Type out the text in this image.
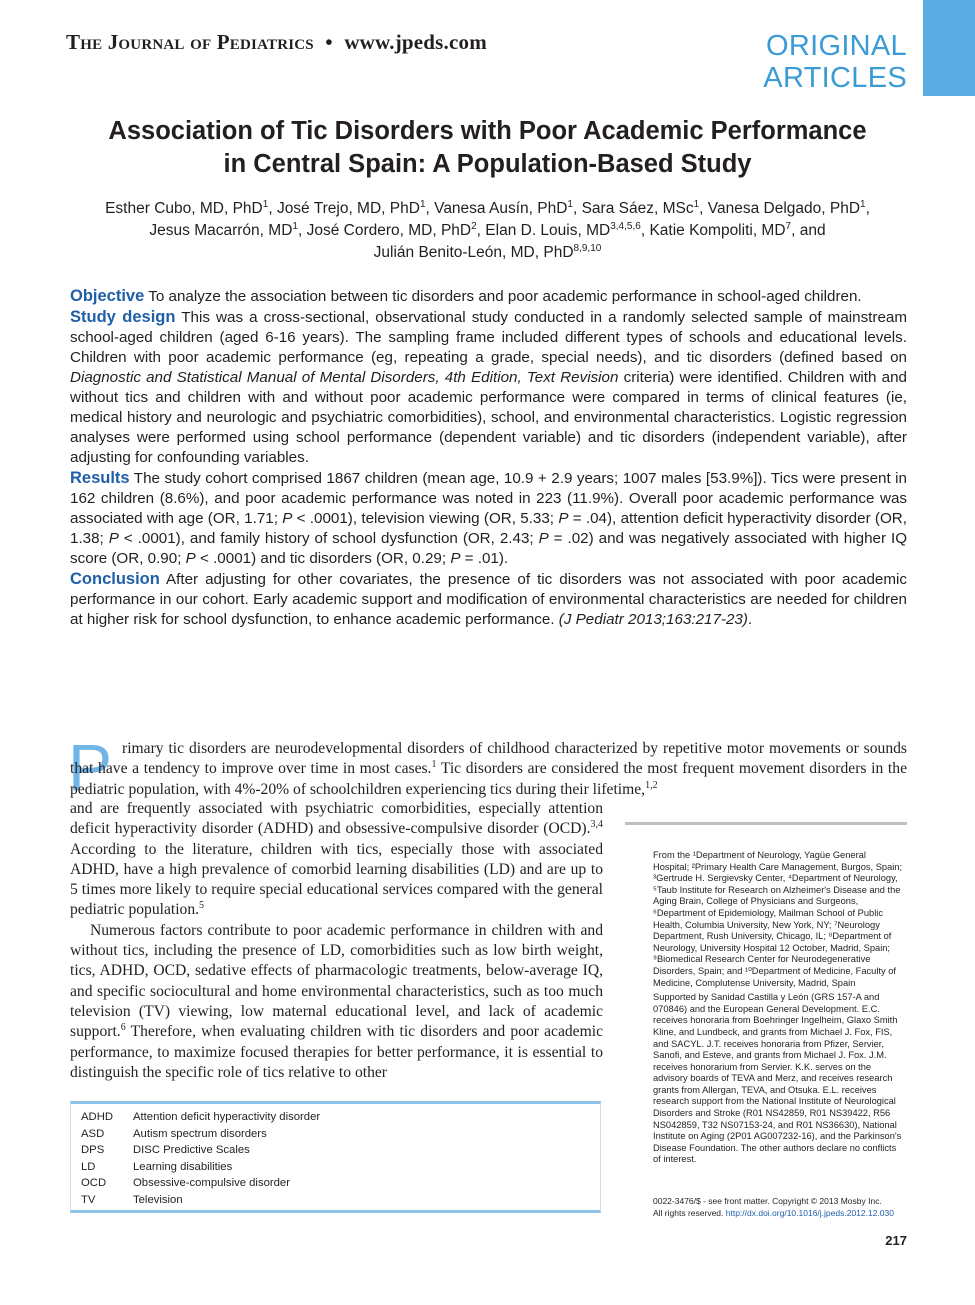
The Journal of Pediatrics • www.jpeds.com	ORIGINAL
ARTICLES
Association of Tic Disorders with Poor Academic Performance
in Central Spain: A Population-Based Study
Esther Cubo, MD, PhD$^1$, José Trejo, MD, PhD$^1$, Vanesa Ausín, PhD$^1$, Sara Sáez, MSc$^1$, Vanesa Delgado, PhD$^1$,
Jesus Macarrón, $MD^1$, José Cordero, MD, PhD$^2$, Elan D. Louis, MD$^{3,4,5,6}$, Katie Kompoliti, $MD^7$, and
Julián Benito-León, MD, PhD$^{8,9,10}$

Objective To analyze the association between tic disorders and poor academic performance in school-aged children.

Study design This was a cross-sectional, observational study conducted in a randomly selected sample of mainstream school-aged children (aged 6-16 years). The sampling frame included different types of schools and educational levels. Children with poor academic performance (eg, repeating a grade, special needs), and tic disorders (defined based on Diagnostic and Statistical Manual of Mental Disorders, 4th Edition, Text Revision criteria) were identified. Children with and without tics and children with and without poor academic performance were compared in terms of clinical features (ie, medical history and neurologic and psychiatric comorbidities), school, and environmental characteristics. Logistic regression analyses were performed using school performance (dependent variable) and tic disorders (independent variable), after adjusting for confounding variables.

Results The study cohort comprised 1867 children (mean age, 10.9 + 2.9 years; 1007 males [53.9%]). Tics were present in 162 children (8.6%), and poor academic performance was noted in 223 (11.9%). Overall poor academic performance was associated with age (OR, 1.71; P < .0001), television viewing (OR, 5.33; P = .04), attention deficit hyperactivity disorder (OR, 1.38; P < .0001), and family history of school dysfunction (OR, 2.43; P = .02) and was negatively associated with higher IQ score (OR, 0.90; P < .0001) and tic disorders (OR, 0.29; P = .01).

Conclusion After adjusting for other covariates, the presence of tic disorders was not associated with poor academic performance in our cohort. Early academic support and modification of environmental characteristics are needed for children at higher risk for school dysfunction, to enhance academic performance. (J Pediatr 2013;163:217-23).

P rimary tic disorders are neurodevelopmental disorders of childhood characterized by repetitive motor movements or sounds that have a tendency to improve over time in most cases.$^1$ Tic disorders are considered the most frequent movement disorders in the pediatric population, with 4%-20% of schoolchildren experiencing tics during their lifetime,$^{1,2}$

and are frequently associated with psychiatric comorbidities, especially attention deficit hyperactivity disorder (ADHD) and obsessive-compulsive disorder (OCD).$^{3,4}$ According to the literature, children with tics, especially those with associated ADHD, have a high prevalence of comorbid learning disabilities (LD) and are up to 5 times more likely to require special educational services compared with the general pediatric population.$^5$

Numerous factors contribute to poor academic performance in children with and without tics, including the presence of LD, comorbidities such as low birth weight, tics, ADHD, OCD, sedative effects of pharmacologic treatments, below-average IQ, and specific sociocultural and home environmental characteristics, such as too much television (TV) viewing, low maternal educational level, and lack of academic support.$^6$ Therefore, when evaluating children with tic disorders and poor academic performance, to maximize focused therapies for better performance, it is essential to distinguish the specific role of tics relative to other

ADHD	Attention deficit hyperactivity disorder
ASD	Autism spectrum disorders
DPS	DISC Predictive Scales
LD	Learning disabilities
OCD	Obsessive-compulsive disorder
TV	Television

From the ¹Department of Neurology, Yagüe General Hospital; ²Primary Health Care Management, Burgos, Spain; ³Gertrude H. Sergievsky Center, ⁴Department of Neurology, ⁵Taub Institute for Research on Alzheimer's Disease and the Aging Brain, College of Physicians and Surgeons, ⁶Department of Epidemiology, Mailman School of Public Health, Columbia University, New York, NY; ⁷Neurology Department, Rush University, Chicago, IL; ⁸Department of Neurology, University Hospital 12 October, Madrid, Spain; ⁹Biomedical Research Center for Neurodegenerative Disorders, Spain; and ¹⁰Department of Medicine, Faculty of Medicine, Complutense University, Madrid, Spain

Supported by Sanidad Castilla y León (GRS 157-A and 070846) and the European General Development. E.C. receives honoraria from Boehringer Ingelheim, Glaxo Smith Kline, and Lundbeck, and grants from Michael J. Fox, FIS, and SACYL. J.T. receives honoraria from Pfizer, Servier, Sanofi, and Esteve, and grants from Michael J. Fox. J.M. receives honorarium from Servier. K.K. serves on the advisory boards of TEVA and Merz, and receives research grants from Allergan, TEVA, and Otsuka. E.L. receives research support from the National Institute of Neurological Disorders and Stroke (R01 NS42859, R01 NS39422, R56 NS042859, T32 NS07153-24, and R01 NS36630), National Institute on Aging (2P01 AG007232-16), and the Parkinson's Disease Foundation. The other authors declare no conflicts of interest.

0022-3476/$ - see front matter. Copyright © 2013 Mosby Inc.
All rights reserved. http://dx.doi.org/10.1016/j.jpeds.2012.12.030
217
